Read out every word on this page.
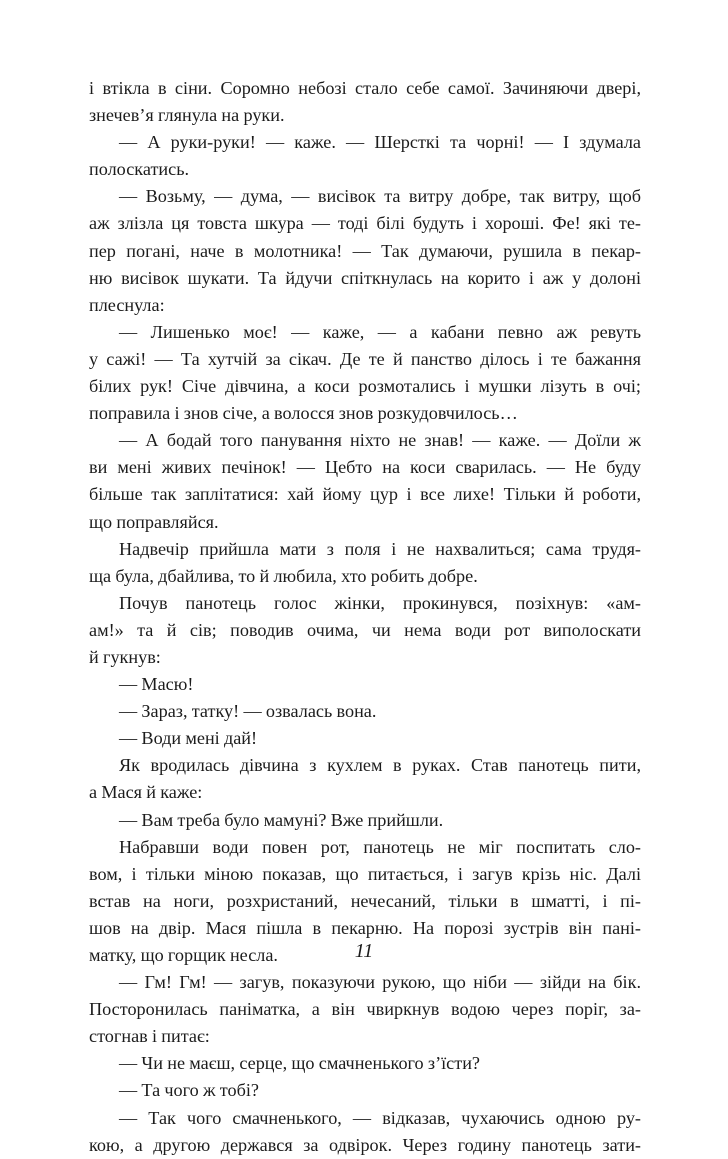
і втікла в сіни. Соромно небозі стало себе самої. Зачиняючи двері,
знечев’я глянула на руки.
— А руки-руки! — каже. — Шерсткі та чорні! — І здумала
полоскатись.
— Возьму, — дума, — висівок та витру добре, так витру, щоб
аж злізла ця товста шкура — тоді білі будуть і хороші. Фе! які те-
пер погані, наче в молотника! — Так думаючи, рушила в пекар-
ню висівок шукати. Та йдучи спіткнулась на корито і аж у долоні
плеснула:
— Лишенько моє! — каже, — а кабани певно аж ревуть
у сажі! — Та хутчій за сікач. Де те й панство ділось і те бажання
білих рук! Січе дівчина, а коси розмотались і мушки лізуть в очі;
поправила і знов січе, а волосся знов розкудовчилось…
— А бодай того панування ніхто не знав! — каже. — Доїли ж
ви мені живих печінок! — Цебто на коси сварилась. — Не буду
більше так заплітатися: хай йому цур і все лихе! Тільки й роботи,
що поправляйся.
Надвечір прийшла мати з поля і не нахвалиться; сама трудя-
ща була, дбайлива, то й любила, хто робить добре.
Почув панотець голос жінки, прокинувся, позіхнув: «ам-
ам!» та й сів; поводив очима, чи нема води рот виполоскати
й гукнув:
— Масю!
— Зараз, татку! — озвалась вона.
— Води мені дай!
Як вродилась дівчина з кухлем в руках. Став панотець пити,
а Мася й каже:
— Вам треба було мамуні? Вже прийшли.
Набравши води повен рот, панотець не міг поспитать сло-
вом, і тільки міною показав, що питається, і загув крізь ніс. Далі
встав на ноги, розхристаний, нечесаний, тільки в шматті, і пі-
шов на двір. Мася пішла в пекарню. На порозі зустрів він пані-
матку, що горщик несла.
— Гм! Гм! — загув, показуючи рукою, що ніби — зійди на бік.
Посторонилась паніматка, а він чвиркнув водою через поріг, за-
стогнав і питає:
— Чи не маєш, серце, що смачненького з’їсти?
— Та чого ж тобі?
— Так чого смачненького, — відказав, чухаючись одною ру-
кою, а другою держався за одвірок. Через годину панотець зати-
11
